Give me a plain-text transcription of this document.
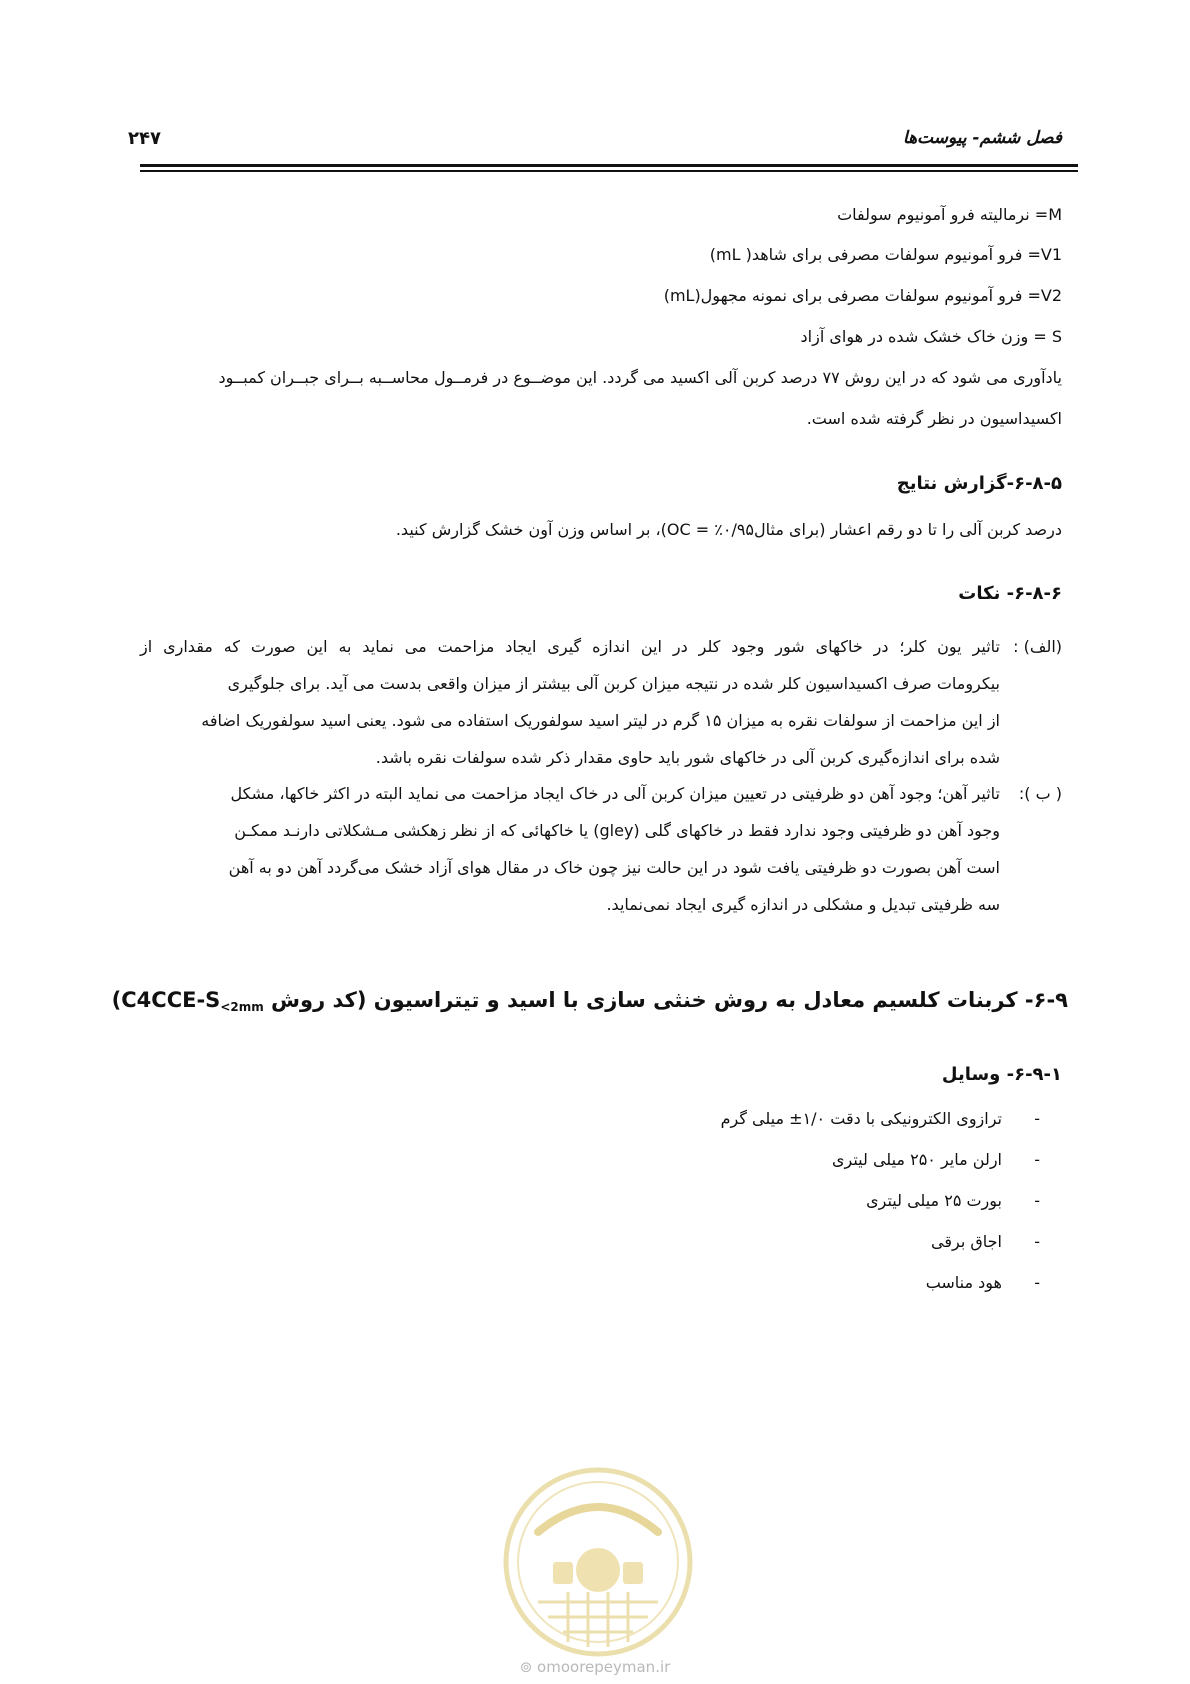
۲۴۷	فصل ششم- پیوست‌ها
M= نرمالیته فرو آمونیوم سولفات
V1= فرو آمونیوم سولفات مصرفی برای شاهد( mL)
V2= فرو آمونیوم سولفات مصرفی برای نمونه مجهول(mL)
S = وزن خاک خشک شده در هوای آزاد
یادآوری می شود که در این روش ۷۷ درصد کربن آلی اکسید می گردد. این موضــوع در فرمــول محاســبه بــرای جبــران کمبــود
اکسیداسیون در نظر گرفته شده است.
۶-۸-۵-گزارش نتایج
درصد کربن آلی را تا دو رقم اعشار (برای مثال۰/۹۵٪ = OC)، بر اساس وزن آون خشک گزارش کنید.
۶-۸-۶- نکات
(الف) :
تاثیر یون کلر؛ در خاکهای شور وجود کلر در این اندازه گیری ایجاد مزاحمت می نماید به این صورت که مقداری از
بیکرومات صرف اکسیداسیون کلر شده در نتیجه میزان کربن آلی بیشتر از میزان واقعی بدست می آید. برای جلوگیری
از این مزاحمت از سولفات نقره به میزان ۱۵ گرم در لیتر اسید سولفوریک استفاده می شود. یعنی اسید سولفوریک اضافه
شده برای اندازه‌گیری کربن آلی در خاکهای شور باید حاوی مقدار ذکر شده سولفات نقره باشد.
( ب ):
تاثیر آهن؛ وجود آهن دو ظرفیتی در تعیین میزان کربن آلی در خاک ایجاد مزاحمت می نماید البته در اکثر خاکها، مشکل
وجود آهن دو ظرفیتی وجود ندارد فقط در خاکهای گلی (gley) یا خاکهائی که از نظر زهکشی مـشکلاتی دارنـد ممکـن
است آهن بصورت دو ظرفیتی یافت شود در این حالت نیز چون خاک در مقال هوای آزاد خشک می‌گردد آهن دو به آهن
سه ظرفیتی تبدیل و مشکلی در اندازه گیری ایجاد نمی‌نماید.
۶-۹- کربنات کلسیم معادل به روش خنثی سازی با اسید و تیتراسیون (کد روش $C4CCE-S_{<2mm}$)
۶-۹-۱- وسایل
-ترازوی الکترونیکی با دقت ۱/۰± میلی گرم
-ارلن مایر ۲۵۰ میلی لیتری
-بورت ۲۵ میلی لیتری
-اجاق برقی
-هود مناسب
⊚ omoorepeyman.ir
